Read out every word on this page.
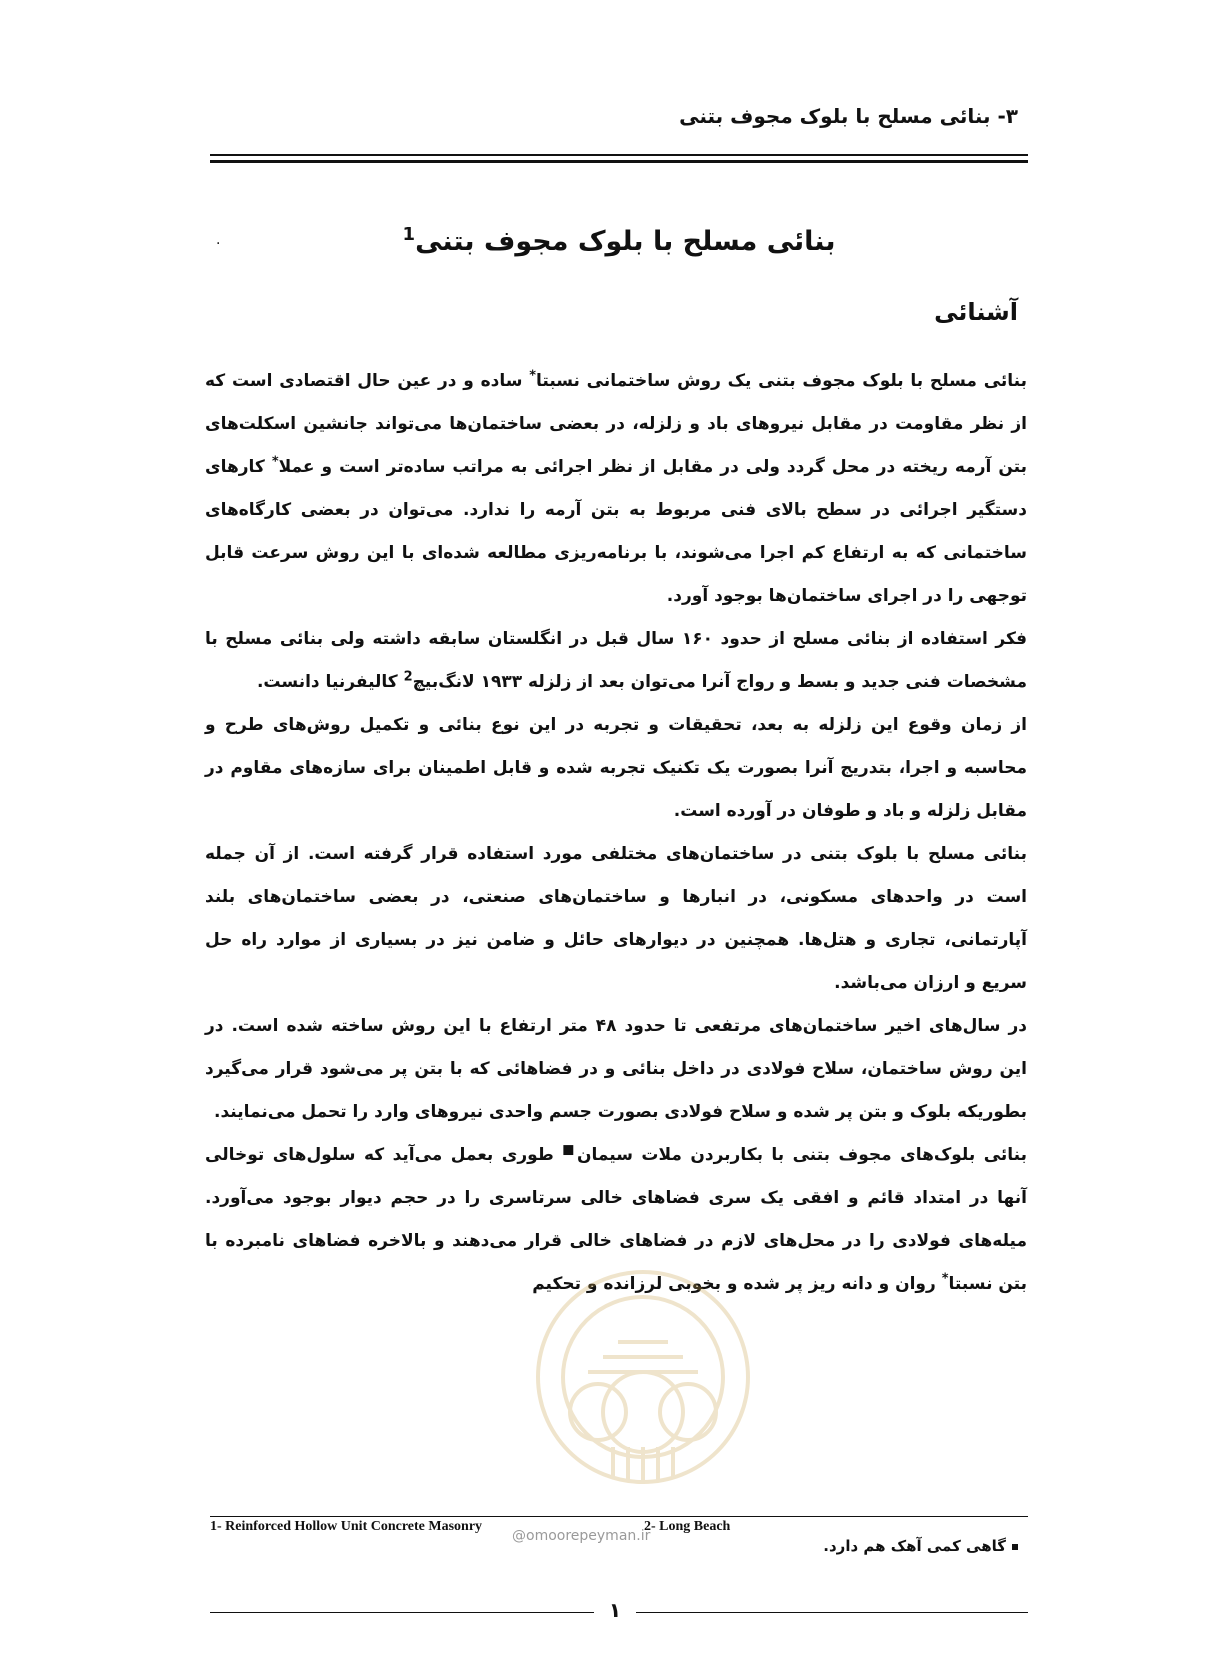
۳- بنائی مسلح با بلوک مجوف بتنی
بنائی مسلح با بلوک مجوف بتنی$^1$
·
آشنائی

بنائی مسلح با بلوک مجوف بتنی یک روش ساختمانی نسبتا* ساده و در عین حال اقتصادی است که از نظر مقاومت در مقابل نیروهای باد و زلزله، در بعضی ساختمان‌ها می‌تواند جانشین اسکلت‌های بتن آرمه ریخته در محل گردد ولی در مقابل از نظر اجرائی به مراتب ساده‌تر است و عملا* کارهای دستگیر اجرائی در سطح بالای فنی مربوط به بتن آرمه را ندارد. می‌توان در بعضی کارگاه‌های ساختمانی که به ارتفاع کم اجرا می‌شوند، با برنامه‌ریزی مطالعه شده‌ای با این روش سرعت قابل توجهی را در اجرای ساختمان‌ها بوجود آورد.

فکر استفاده از بنائی مسلح از حدود ۱۶۰ سال قبل در انگلستان سابقه داشته ولی بنائی مسلح با مشخصات فنی جدید و بسط و رواج آنرا می‌توان بعد از زلزله ۱۹۳۳ لانگ‌بیچ$^2$ کالیفرنیا دانست.

از زمان وقوع این زلزله به بعد، تحقیقات و تجربه در این نوع بنائی و تکمیل روش‌های طرح و محاسبه و اجرا، بتدریج آنرا بصورت یک تکنیک تجربه شده و قابل اطمینان برای سازه‌های مقاوم در مقابل زلزله و باد و طوفان در آورده است.

بنائی مسلح با بلوک بتنی در ساختمان‌های مختلفی مورد استفاده قرار گرفته است. از آن جمله است در واحدهای مسکونی، در انبارها و ساختمان‌های صنعتی، در بعضی ساختمان‌های بلند آپارتمانی، تجاری و هتل‌ها. همچنین در دیوارهای حائل و ضامن نیز در بسیاری از موارد راه حل سریع و ارزان می‌باشد.

در سال‌های اخیر ساختمان‌های مرتفعی تا حدود ۴۸ متر ارتفاع با این روش ساخته شده است. در این روش ساختمان، سلاح فولادی در داخل بنائی و در فضاهائی که با بتن پر می‌شود قرار می‌گیرد بطوریکه بلوک و بتن پر شده و سلاح فولادی بصورت جسم واحدی نیروهای وارد را تحمل می‌نمایند.

بنائی بلوک‌های مجوف بتنی با بکاربردن ملات سیمان■ طوری بعمل می‌آید که سلول‌های توخالی آنها در امتداد قائم و افقی یک سری فضاهای خالی سرتاسری را در حجم دیوار بوجود می‌آورد. میله‌های فولادی را در محل‌های لازم در فضاهای خالی قرار می‌دهند و بالاخره فضاهای نامبرده با بتن نسبتا* روان و دانه ریز پر شده و بخوبی لرزانده و تحکیم

1- Reinforced Hollow Unit Concrete Masonry	2- Long Beach
@omoorepeyman.ir
گاهی کمی آهک هم دارد.
۱
